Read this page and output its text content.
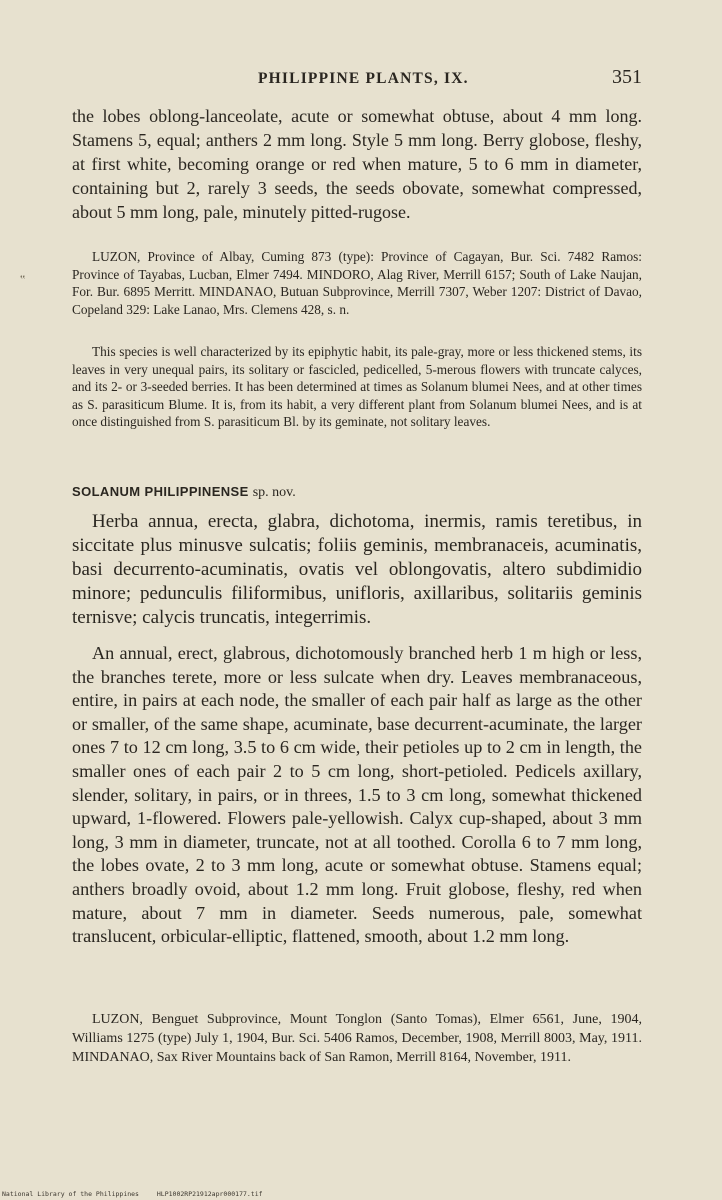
PHILIPPINE PLANTS, IX.	351
‟

the lobes oblong-lanceolate, acute or somewhat obtuse, about 4 mm long. Stamens 5, equal; anthers 2 mm long. Style 5 mm long. Berry globose, fleshy, at first white, becoming orange or red when mature, 5 to 6 mm in diameter, containing but 2, rarely 3 seeds, the seeds obovate, somewhat compressed, about 5 mm long, pale, minutely pitted-rugose.

LUZON, Province of Albay, Cuming 873 (type): Province of Cagayan, Bur. Sci. 7482 Ramos: Province of Tayabas, Lucban, Elmer 7494. MINDORO, Alag River, Merrill 6157; South of Lake Naujan, For. Bur. 6895 Merritt. MINDANAO, Butuan Subprovince, Merrill 7307, Weber 1207: District of Davao, Copeland 329: Lake Lanao, Mrs. Clemens 428, s. n.

This species is well characterized by its epiphytic habit, its pale-gray, more or less thickened stems, its leaves in very unequal pairs, its solitary or fascicled, pedicelled, 5-merous flowers with truncate calyces, and its 2- or 3-seeded berries. It has been determined at times as Solanum blumei Nees, and at other times as S. parasiticum Blume. It is, from its habit, a very different plant from Solanum blumei Nees, and is at once distinguished from S. parasiticum Bl. by its geminate, not solitary leaves.

SOLANUM PHILIPPINENSE sp. nov.

Herba annua, erecta, glabra, dichotoma, inermis, ramis teretibus, in siccitate plus minusve sulcatis; foliis geminis, membranaceis, acuminatis, basi decurrento-acuminatis, ovatis vel oblongovatis, altero subdimidio minore; pedunculis filiformibus, unifloris, axillaribus, solitariis geminis ternisve; calycis truncatis, integerrimis.

An annual, erect, glabrous, dichotomously branched herb 1 m high or less, the branches terete, more or less sulcate when dry. Leaves membranaceous, entire, in pairs at each node, the smaller of each pair half as large as the other or smaller, of the same shape, acuminate, base decurrent-acuminate, the larger ones 7 to 12 cm long, 3.5 to 6 cm wide, their petioles up to 2 cm in length, the smaller ones of each pair 2 to 5 cm long, short-petioled. Pedicels axillary, slender, solitary, in pairs, or in threes, 1.5 to 3 cm long, somewhat thickened upward, 1-flowered. Flowers pale-yellowish. Calyx cup-shaped, about 3 mm long, 3 mm in diameter, truncate, not at all toothed. Corolla 6 to 7 mm long, the lobes ovate, 2 to 3 mm long, acute or somewhat obtuse. Stamens equal; anthers broadly ovoid, about 1.2 mm long. Fruit globose, fleshy, red when mature, about 7 mm in diameter. Seeds numerous, pale, somewhat translucent, orbicular-elliptic, flattened, smooth, about 1.2 mm long.

LUZON, Benguet Subprovince, Mount Tonglon (Santo Tomas), Elmer 6561, June, 1904, Williams 1275 (type) July 1, 1904, Bur. Sci. 5406 Ramos, December, 1908, Merrill 8003, May, 1911. MINDANAO, Sax River Mountains back of San Ramon, Merrill 8164, November, 1911.

National Library of the Philippines	HLP1002RP21912apr000177.tif
